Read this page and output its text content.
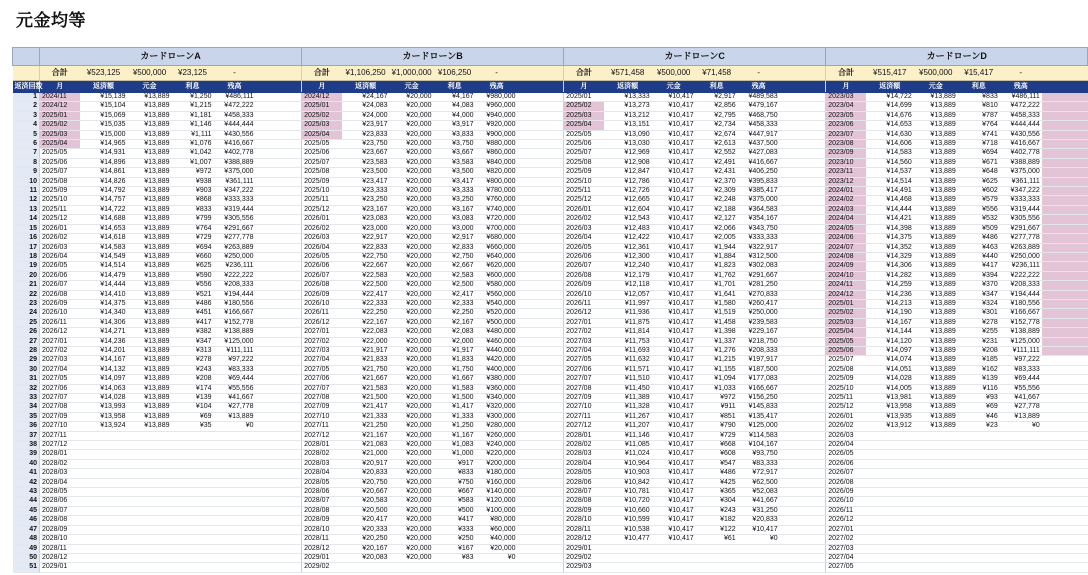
元金均等
	カードローンA						カードローンB						カードローンC						カードローンD					
	合計	¥523,125	¥500,000	¥23,125	-		合計	¥1,106,250	¥1,000,000	¥106,250	-		合計	¥571,458	¥500,000	¥71,458	-		合計	¥515,417	¥500,000	¥15,417	-	
返済回数	月	返済額	元金	利息	残高		月	返済額	元金	利息	残高		月	返済額	元金	利息	残高		月	返済額	元金	利息	残高	
1	2024/11	¥15,139	¥13,889	¥1,250	¥486,111		2024/12	¥24,167	¥20,000	¥4,167	¥980,000		2025/01	¥13,333	¥10,417	¥2,917	¥489,583		2023/03	¥14,722	¥13,889	¥833	¥486,111	
2	2024/12	¥15,104	¥13,889	¥1,215	¥472,222		2025/01	¥24,083	¥20,000	¥4,083	¥960,000		2025/02	¥13,273	¥10,417	¥2,856	¥479,167		2023/04	¥14,699	¥13,889	¥810	¥472,222	
3	2025/01	¥15,069	¥13,889	¥1,181	¥458,333		2025/02	¥24,000	¥20,000	¥4,000	¥940,000		2025/03	¥13,212	¥10,417	¥2,795	¥468,750		2023/05	¥14,676	¥13,889	¥787	¥458,333	
4	2025/02	¥15,035	¥13,889	¥1,146	¥444,444		2025/03	¥23,917	¥20,000	¥3,917	¥920,000		2025/04	¥13,151	¥10,417	¥2,734	¥458,333		2023/06	¥14,653	¥13,889	¥764	¥444,444	
5	2025/03	¥15,000	¥13,889	¥1,111	¥430,556		2025/04	¥23,833	¥20,000	¥3,833	¥900,000		2025/05	¥13,090	¥10,417	¥2,674	¥447,917		2023/07	¥14,630	¥13,889	¥741	¥430,556	
6	2025/04	¥14,965	¥13,889	¥1,076	¥416,667		2025/05	¥23,750	¥20,000	¥3,750	¥880,000		2025/06	¥13,030	¥10,417	¥2,613	¥437,500		2023/08	¥14,606	¥13,889	¥718	¥416,667	
7	2025/05	¥14,931	¥13,889	¥1,042	¥402,778		2025/06	¥23,667	¥20,000	¥3,667	¥860,000		2025/07	¥12,969	¥10,417	¥2,552	¥427,083		2023/09	¥14,583	¥13,889	¥694	¥402,778	
8	2025/06	¥14,896	¥13,889	¥1,007	¥388,889		2025/07	¥23,583	¥20,000	¥3,583	¥840,000		2025/08	¥12,908	¥10,417	¥2,491	¥416,667		2023/10	¥14,560	¥13,889	¥671	¥388,889	
9	2025/07	¥14,861	¥13,889	¥972	¥375,000		2025/08	¥23,500	¥20,000	¥3,500	¥820,000		2025/09	¥12,847	¥10,417	¥2,431	¥406,250		2023/11	¥14,537	¥13,889	¥648	¥375,000	
10	2025/08	¥14,826	¥13,889	¥938	¥361,111		2025/09	¥23,417	¥20,000	¥3,417	¥800,000		2025/10	¥12,786	¥10,417	¥2,370	¥395,833		2023/12	¥14,514	¥13,889	¥625	¥361,111	
11	2025/09	¥14,792	¥13,889	¥903	¥347,222		2025/10	¥23,333	¥20,000	¥3,333	¥780,000		2025/11	¥12,726	¥10,417	¥2,309	¥385,417		2024/01	¥14,491	¥13,889	¥602	¥347,222	
12	2025/10	¥14,757	¥13,889	¥868	¥333,333		2025/11	¥23,250	¥20,000	¥3,250	¥760,000		2025/12	¥12,665	¥10,417	¥2,248	¥375,000		2024/02	¥14,468	¥13,889	¥579	¥333,333	
13	2025/11	¥14,722	¥13,889	¥833	¥319,444		2025/12	¥23,167	¥20,000	¥3,167	¥740,000		2026/01	¥12,604	¥10,417	¥2,188	¥364,583		2024/03	¥14,444	¥13,889	¥556	¥319,444	
14	2025/12	¥14,688	¥13,889	¥799	¥305,556		2026/01	¥23,083	¥20,000	¥3,083	¥720,000		2026/02	¥12,543	¥10,417	¥2,127	¥354,167		2024/04	¥14,421	¥13,889	¥532	¥305,556	
15	2026/01	¥14,653	¥13,889	¥764	¥291,667		2026/02	¥23,000	¥20,000	¥3,000	¥700,000		2026/03	¥12,483	¥10,417	¥2,066	¥343,750		2024/05	¥14,398	¥13,889	¥509	¥291,667	
16	2026/02	¥14,618	¥13,889	¥729	¥277,778		2026/03	¥22,917	¥20,000	¥2,917	¥680,000		2026/04	¥12,422	¥10,417	¥2,005	¥333,333		2024/06	¥14,375	¥13,889	¥486	¥277,778	
17	2026/03	¥14,583	¥13,889	¥694	¥263,889		2026/04	¥22,833	¥20,000	¥2,833	¥660,000		2026/05	¥12,361	¥10,417	¥1,944	¥322,917		2024/07	¥14,352	¥13,889	¥463	¥263,889	
18	2026/04	¥14,549	¥13,889	¥660	¥250,000		2026/05	¥22,750	¥20,000	¥2,750	¥640,000		2026/06	¥12,300	¥10,417	¥1,884	¥312,500		2024/08	¥14,329	¥13,889	¥440	¥250,000	
19	2026/05	¥14,514	¥13,889	¥625	¥236,111		2026/06	¥22,667	¥20,000	¥2,667	¥620,000		2026/07	¥12,240	¥10,417	¥1,823	¥302,083		2024/09	¥14,306	¥13,889	¥417	¥236,111	
20	2026/06	¥14,479	¥13,889	¥590	¥222,222		2026/07	¥22,583	¥20,000	¥2,583	¥600,000		2026/08	¥12,179	¥10,417	¥1,762	¥291,667		2024/10	¥14,282	¥13,889	¥394	¥222,222	
21	2026/07	¥14,444	¥13,889	¥556	¥208,333		2026/08	¥22,500	¥20,000	¥2,500	¥580,000		2026/09	¥12,118	¥10,417	¥1,701	¥281,250		2024/11	¥14,259	¥13,889	¥370	¥208,333	
22	2026/08	¥14,410	¥13,889	¥521	¥194,444		2026/09	¥22,417	¥20,000	¥2,417	¥560,000		2026/10	¥12,057	¥10,417	¥1,641	¥270,833		2024/12	¥14,236	¥13,889	¥347	¥194,444	
23	2026/09	¥14,375	¥13,889	¥486	¥180,556		2026/10	¥22,333	¥20,000	¥2,333	¥540,000		2026/11	¥11,997	¥10,417	¥1,580	¥260,417		2025/01	¥14,213	¥13,889	¥324	¥180,556	
24	2026/10	¥14,340	¥13,889	¥451	¥166,667		2026/11	¥22,250	¥20,000	¥2,250	¥520,000		2026/12	¥11,936	¥10,417	¥1,519	¥250,000		2025/02	¥14,190	¥13,889	¥301	¥166,667	
25	2026/11	¥14,306	¥13,889	¥417	¥152,778		2026/12	¥22,167	¥20,000	¥2,167	¥500,000		2027/01	¥11,875	¥10,417	¥1,458	¥239,583		2025/03	¥14,167	¥13,889	¥278	¥152,778	
26	2026/12	¥14,271	¥13,889	¥382	¥138,889		2027/01	¥22,083	¥20,000	¥2,083	¥480,000		2027/02	¥11,814	¥10,417	¥1,398	¥229,167		2025/04	¥14,144	¥13,889	¥255	¥138,889	
27	2027/01	¥14,236	¥13,889	¥347	¥125,000		2027/02	¥22,000	¥20,000	¥2,000	¥460,000		2027/03	¥11,753	¥10,417	¥1,337	¥218,750		2025/05	¥14,120	¥13,889	¥231	¥125,000	
28	2027/02	¥14,201	¥13,889	¥313	¥111,111		2027/03	¥21,917	¥20,000	¥1,917	¥440,000		2027/04	¥11,693	¥10,417	¥1,276	¥208,333		2025/06	¥14,097	¥13,889	¥208	¥111,111	
29	2027/03	¥14,167	¥13,889	¥278	¥97,222		2027/04	¥21,833	¥20,000	¥1,833	¥420,000		2027/05	¥11,632	¥10,417	¥1,215	¥197,917		2025/07	¥14,074	¥13,889	¥185	¥97,222	
30	2027/04	¥14,132	¥13,889	¥243	¥83,333		2027/05	¥21,750	¥20,000	¥1,750	¥400,000		2027/06	¥11,571	¥10,417	¥1,155	¥187,500		2025/08	¥14,051	¥13,889	¥162	¥83,333	
31	2027/05	¥14,097	¥13,889	¥208	¥69,444		2027/06	¥21,667	¥20,000	¥1,667	¥380,000		2027/07	¥11,510	¥10,417	¥1,094	¥177,083		2025/09	¥14,028	¥13,889	¥139	¥69,444	
32	2027/06	¥14,063	¥13,889	¥174	¥55,556		2027/07	¥21,583	¥20,000	¥1,583	¥360,000		2027/08	¥11,450	¥10,417	¥1,033	¥166,667		2025/10	¥14,005	¥13,889	¥116	¥55,556	
33	2027/07	¥14,028	¥13,889	¥139	¥41,667		2027/08	¥21,500	¥20,000	¥1,500	¥340,000		2027/09	¥11,389	¥10,417	¥972	¥156,250		2025/11	¥13,981	¥13,889	¥93	¥41,667	
34	2027/08	¥13,993	¥13,889	¥104	¥27,778		2027/09	¥21,417	¥20,000	¥1,417	¥320,000		2027/10	¥11,328	¥10,417	¥911	¥145,833		2025/12	¥13,958	¥13,889	¥69	¥27,778	
35	2027/09	¥13,958	¥13,889	¥69	¥13,889		2027/10	¥21,333	¥20,000	¥1,333	¥300,000		2027/11	¥11,267	¥10,417	¥851	¥135,417		2026/01	¥13,935	¥13,889	¥46	¥13,889	
36	2027/10	¥13,924	¥13,889	¥35	¥0		2027/11	¥21,250	¥20,000	¥1,250	¥280,000		2027/12	¥11,207	¥10,417	¥790	¥125,000		2026/02	¥13,912	¥13,889	¥23	¥0	
37	2027/11						2027/12	¥21,167	¥20,000	¥1,167	¥260,000		2028/01	¥11,146	¥10,417	¥729	¥114,583		2026/03					
38	2027/12						2028/01	¥21,083	¥20,000	¥1,083	¥240,000		2028/02	¥11,085	¥10,417	¥668	¥104,167		2026/04					
39	2028/01						2028/02	¥21,000	¥20,000	¥1,000	¥220,000		2028/03	¥11,024	¥10,417	¥608	¥93,750		2026/05					
40	2028/02						2028/03	¥20,917	¥20,000	¥917	¥200,000		2028/04	¥10,964	¥10,417	¥547	¥83,333		2026/06					
41	2028/03						2028/04	¥20,833	¥20,000	¥833	¥180,000		2028/05	¥10,903	¥10,417	¥486	¥72,917		2026/07					
42	2028/04						2028/05	¥20,750	¥20,000	¥750	¥160,000		2028/06	¥10,842	¥10,417	¥425	¥62,500		2026/08					
43	2028/05						2028/06	¥20,667	¥20,000	¥667	¥140,000		2028/07	¥10,781	¥10,417	¥365	¥52,083		2026/09					
44	2028/06						2028/07	¥20,583	¥20,000	¥583	¥120,000		2028/08	¥10,720	¥10,417	¥304	¥41,667		2026/10					
45	2028/07						2028/08	¥20,500	¥20,000	¥500	¥100,000		2028/09	¥10,660	¥10,417	¥243	¥31,250		2026/11					
46	2028/08						2028/09	¥20,417	¥20,000	¥417	¥80,000		2028/10	¥10,599	¥10,417	¥182	¥20,833		2026/12					
47	2028/09						2028/10	¥20,333	¥20,000	¥333	¥60,000		2028/11	¥10,538	¥10,417	¥122	¥10,417		2027/01					
48	2028/10						2028/11	¥20,250	¥20,000	¥250	¥40,000		2028/12	¥10,477	¥10,417	¥61	¥0		2027/02					
49	2028/11						2028/12	¥20,167	¥20,000	¥167	¥20,000		2029/01						2027/03					
50	2028/12						2029/01	¥20,083	¥20,000	¥83	¥0		2029/02						2027/04					
51	2029/01						2029/02						2029/03						2027/05					
